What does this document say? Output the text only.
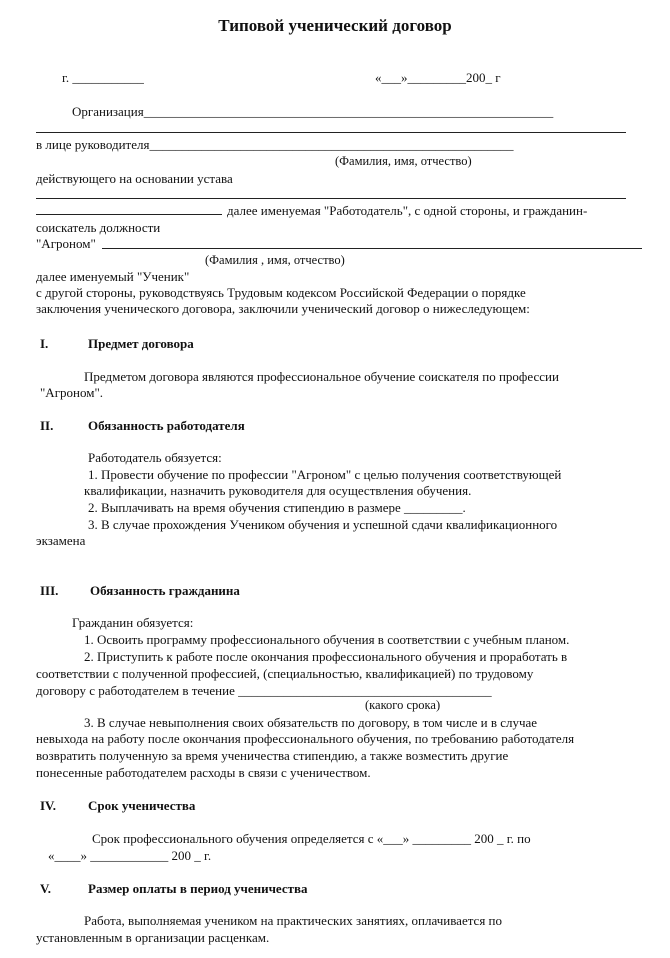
Типовой ученический договор
г. ___________	«___»_________200_ г
Организация_______________________________________________________________
в лице руководителя________________________________________________________
(Фамилия, имя, отчество)
действующего на основании устава
далее именуемая "Работодатель", с одной стороны, и гражданин-
соискатель должности
"Агроном"
(Фамилия , имя, отчество)
далее именуемый "Ученик"
с другой стороны, руководствуясь Трудовым кодексом Российской Федерации о порядке
заключения ученического договора, заключили ученический договор о нижеследующем:
I.	Предмет договора
Предметом договора являются профессиональное обучение соискателя по профессии
"Агроном".
II.	Обязанность работодателя
Работодатель обязуется:
1. Провести обучение по профессии "Агроном" с целью получения соответствующей
квалификации, назначить руководителя для осуществления обучения.
2. Выплачивать на время обучения стипендию в размере _________.
3. В случае прохождения Учеником обучения и успешной сдачи квалификационного
экзамена
III. Обязанность гражданина
Гражданин обязуется:
1. Освоить программу профессионального обучения в соответствии с учебным планом.
2. Приступить к работе после окончания профессионального обучения и проработать в
соответствии с полученной профессией, (специальностью, квалификацией) по трудовому
договору с работодателем в течение _______________________________________
(какого срока)
3. В случае невыполнения своих обязательств по договору, в том числе и в случае
невыхода на работу после окончания профессионального обучения, по требованию работодателя
возвратить полученную за время ученичества стипендию, а также возместить другие
понесенные работодателем расходы в связи с ученичеством.
IV. Срок ученичества
Срок профессионального обучения определяется с «___» _________ 200 _ г. по
«____» ____________ 200 _ г.
V.	Размер оплаты в период ученичества
Работа, выполняемая учеником на практических занятиях, оплачивается по
установленным в организации расценкам.
